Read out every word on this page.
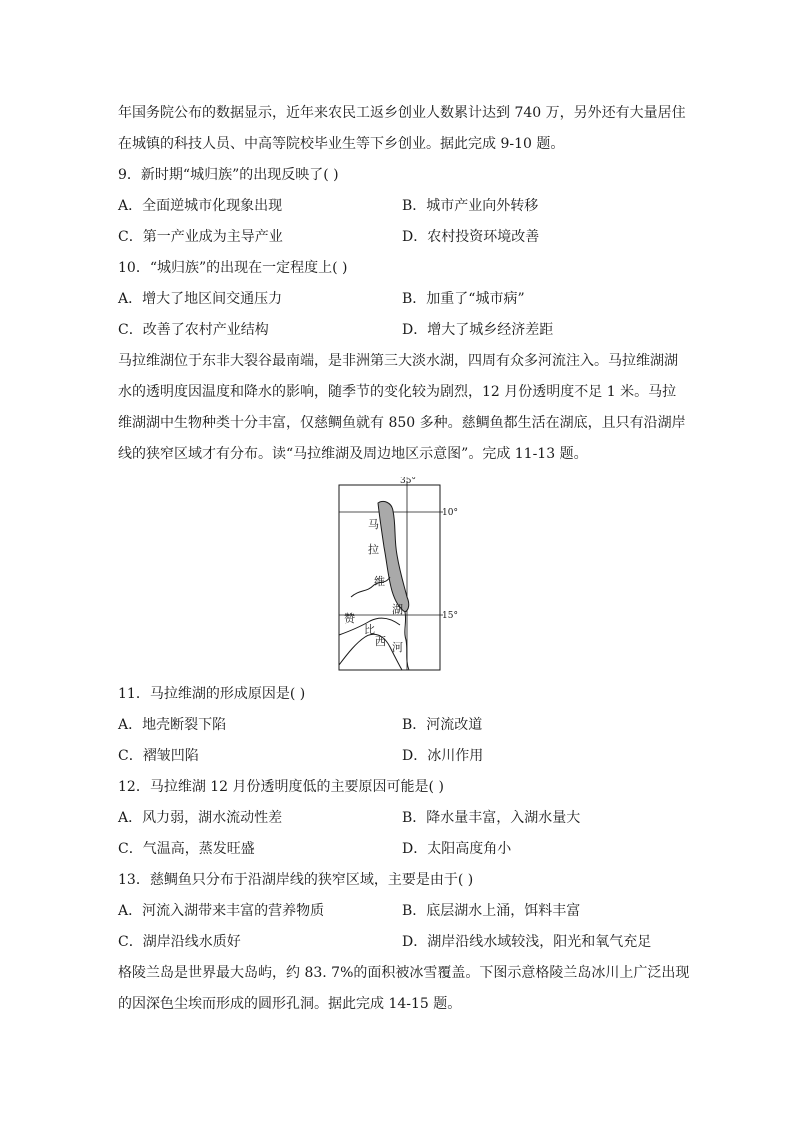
年国务院公布的数据显示，近年来农民工返乡创业人数累计达到 740 万，另外还有大量居住
在城镇的科技人员、中高等院校毕业生等下乡创业。据此完成 9-10 题。
9．新时期“城归族”的出现反映了( )
A．全面逆城市化现象出现	B．城市产业向外转移
C．第一产业成为主导产业	D．农村投资环境改善
10．“城归族”的出现在一定程度上( )
A．增大了地区间交通压力	B．加重了“城市病”
C．改善了农村产业结构	D．增大了城乡经济差距
马拉维湖位于东非大裂谷最南端，是非洲第三大淡水湖，四周有众多河流注入。马拉维湖湖
水的透明度因温度和降水的影响，随季节的变化较为剧烈，12 月份透明度不足 1 米。马拉
维湖湖中生物种类十分丰富，仅慈鲷鱼就有 850 多种。慈鲷鱼都生活在湖底，且只有沿湖岸
线的狭窄区域才有分布。读“马拉维湖及周边地区示意图”。完成 11-13 题。
35°
10°
15°
马
拉
维
湖
赞
比
西 河
11．马拉维湖的形成原因是( )
A．地壳断裂下陷	B．河流改道
C．褶皱凹陷	D．冰川作用
12．马拉维湖 12 月份透明度低的主要原因可能是( )
A．风力弱，湖水流动性差	B．降水量丰富，入湖水量大
C．气温高，蒸发旺盛	D．太阳高度角小
13．慈鲷鱼只分布于沿湖岸线的狭窄区域，主要是由于( )
A．河流入湖带来丰富的营养物质	B．底层湖水上涌，饵料丰富
C．湖岸沿线水质好	D．湖岸沿线水域较浅，阳光和氧气充足
格陵兰岛是世界最大岛屿，约 83. 7%的面积被冰雪覆盖。下图示意格陵兰岛冰川上广泛出现
的因深色尘埃而形成的圆形孔洞。据此完成 14-15 题。
